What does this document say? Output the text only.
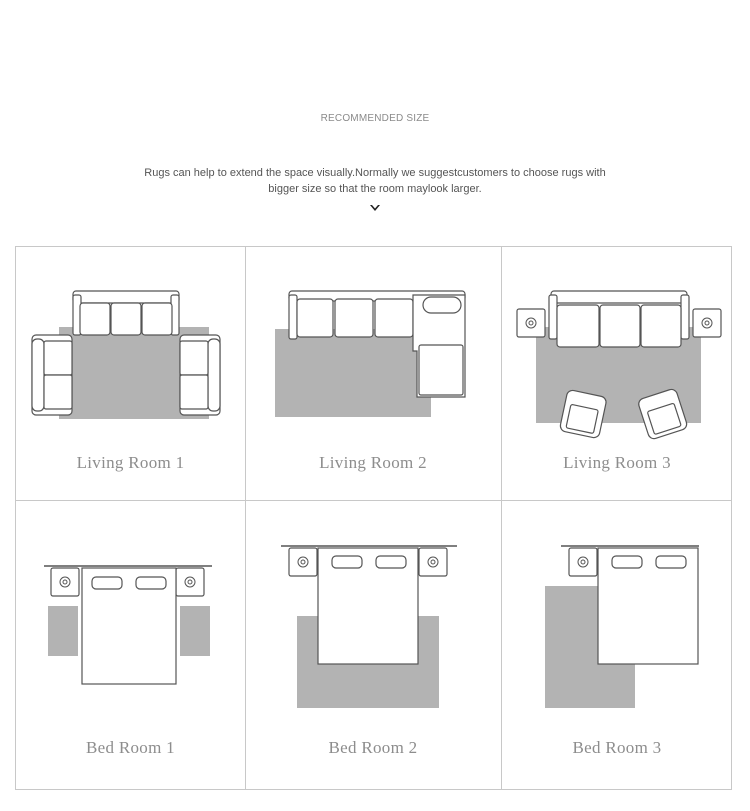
RECOMMENDED SIZE
Rugs can help to extend the space visually.Normally we suggestcustomers to choose rugs with
bigger size so that the room maylook larger.
Living Room 1	Living Room 2	Living Room 3
Bed Room 1	Bed Room 2	Bed Room 3
